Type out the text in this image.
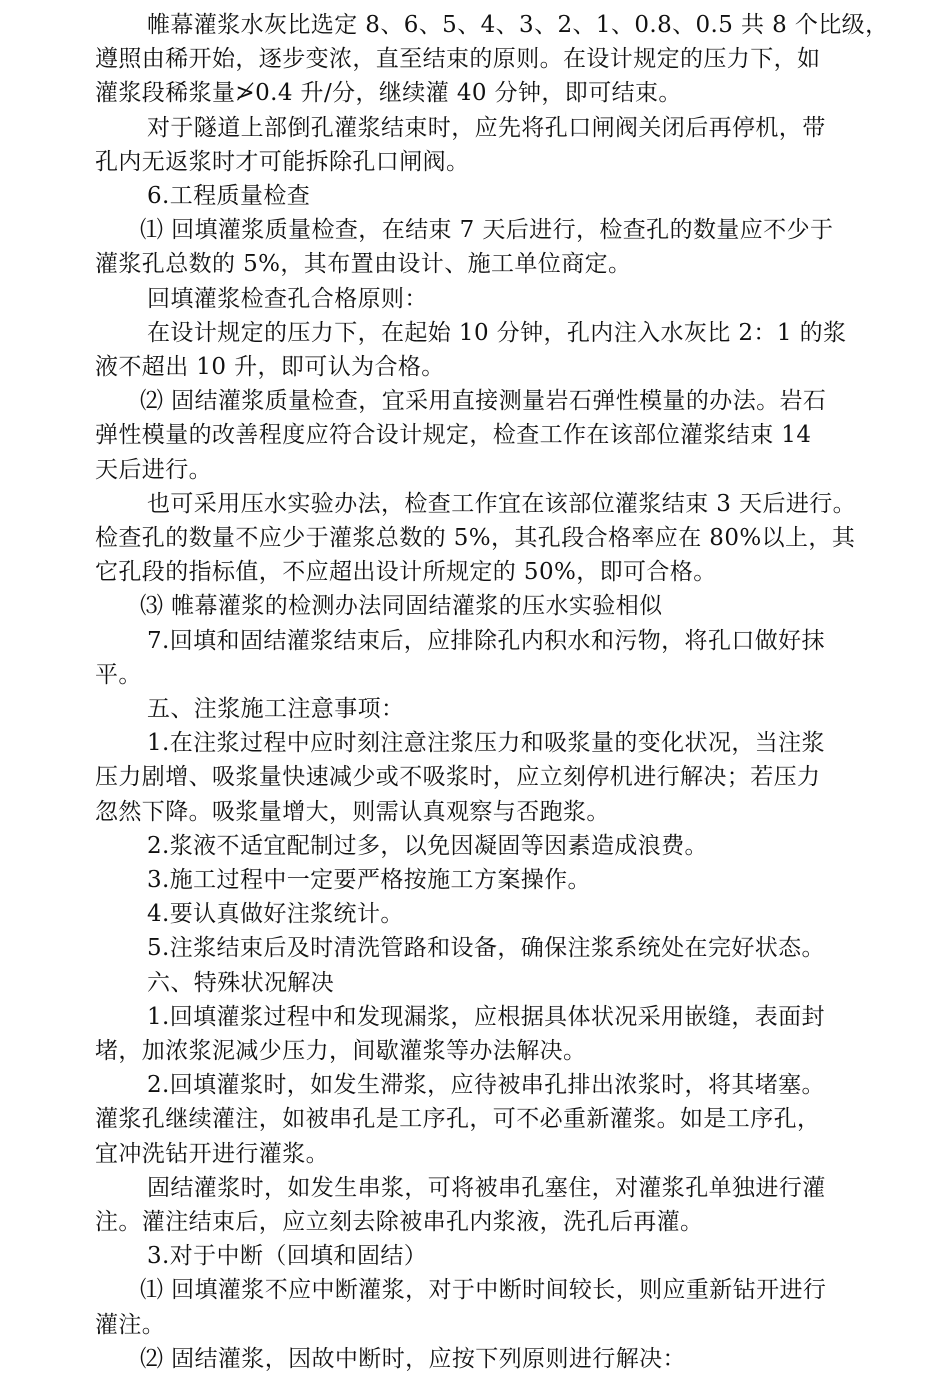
帷幕灌浆水灰比选定 8、6、5、4、3、2、1、0.8、0.5 共 8 个比级，

遵照由稀开始，逐步变浓，直至结束的原则。在设计规定的压力下，如

灌浆段稀浆量≯0.4 升/分，继续灌 40 分钟，即可结束。

对于隧道上部倒孔灌浆结束时，应先将孔口闸阀关闭后再停机，带

孔内无返浆时才可能拆除孔口闸阀。

6.工程质量检查

⑴ 回填灌浆质量检查，在结束 7 天后进行，检查孔的数量应不少于

灌浆孔总数的 5%，其布置由设计、施工单位商定。

回填灌浆检查孔合格原则：

在设计规定的压力下，在起始 10 分钟，孔内注入水灰比 2：1 的浆

液不超出 10 升，即可认为合格。

⑵ 固结灌浆质量检查，宜采用直接测量岩石弹性模量的办法。岩石

弹性模量的改善程度应符合设计规定，检查工作在该部位灌浆结束 14

天后进行。

也可采用压水实验办法，检查工作宜在该部位灌浆结束 3 天后进行。

检查孔的数量不应少于灌浆总数的 5%，其孔段合格率应在 80%以上，其

它孔段的指标值，不应超出设计所规定的 50%，即可合格。

⑶ 帷幕灌浆的检测办法同固结灌浆的压水实验相似

7.回填和固结灌浆结束后，应排除孔内积水和污物，将孔口做好抹

平。

五、注浆施工注意事项：

1.在注浆过程中应时刻注意注浆压力和吸浆量的变化状况，当注浆

压力剧增、吸浆量快速减少或不吸浆时，应立刻停机进行解决；若压力

忽然下降。吸浆量增大，则需认真观察与否跑浆。

2.浆液不适宜配制过多，以免因凝固等因素造成浪费。

3.施工过程中一定要严格按施工方案操作。

4.要认真做好注浆统计。

5.注浆结束后及时清洗管路和设备，确保注浆系统处在完好状态。

六、特殊状况解决

1.回填灌浆过程中和发现漏浆，应根据具体状况采用嵌缝，表面封

堵，加浓浆泥减少压力，间歇灌浆等办法解决。

2.回填灌浆时，如发生滞浆，应待被串孔排出浓浆时，将其堵塞。

灌浆孔继续灌注，如被串孔是工序孔，可不必重新灌浆。如是工序孔，

宜冲洗钻开进行灌浆。

固结灌浆时，如发生串浆，可将被串孔塞住，对灌浆孔单独进行灌

注。灌注结束后，应立刻去除被串孔内浆液，洗孔后再灌。

3.对于中断（回填和固结）

⑴ 回填灌浆不应中断灌浆，对于中断时间较长，则应重新钻开进行

灌注。

⑵ 固结灌浆，因故中断时，应按下列原则进行解决：
